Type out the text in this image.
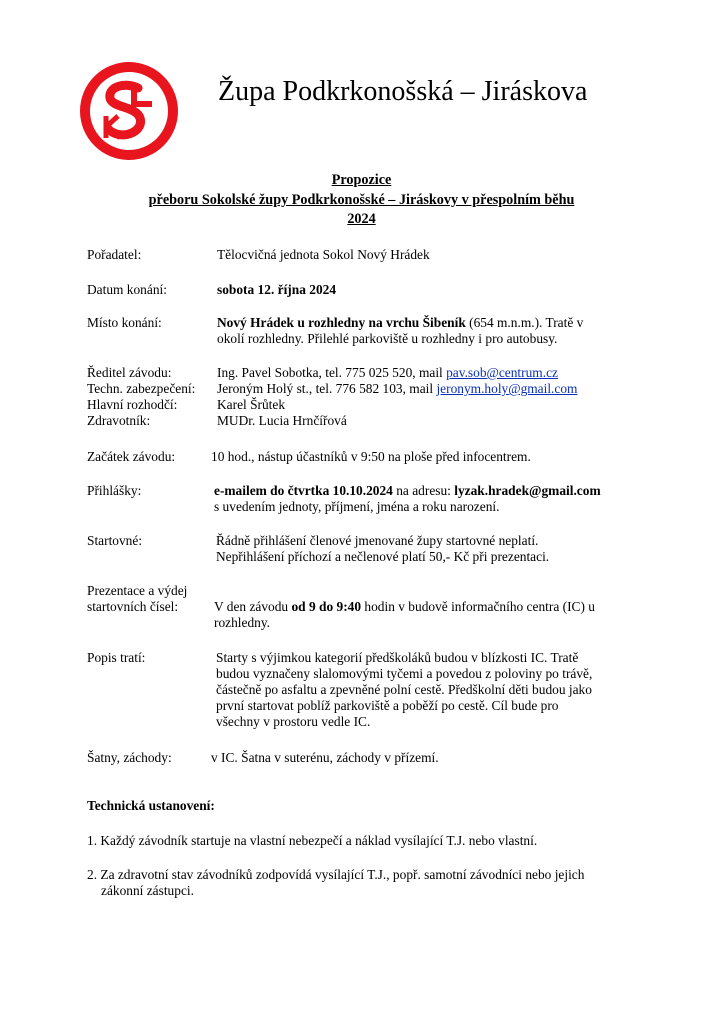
Župa Podkrkonošská – Jiráskova
Propozice
přeboru Sokolské župy Podkrkonošské – Jiráskovy v přespolním běhu
2024
Pořadatel:	Tělocvičná jednota Sokol Nový Hrádek
Datum konání:	sobota 12. října 2024
Místo konání:	Nový Hrádek u rozhledny na vrchu Šibeník (654 m.n.m.). Tratě v
okolí rozhledny. Přilehlé parkoviště u rozhledny i pro autobusy.
Ředitel závodu:	Ing. Pavel Sobotka, tel. 775 025 520, mail pav.sob@centrum.cz
Techn. zabezpečení: Jeroným Holý st., tel. 776 582 103, mail jeronym.holy@gmail.com
Hlavní rozhodčí:	Karel Šrůtek
Zdravotník:	MUDr. Lucia Hrnčířová
Začátek závodu:	10 hod., nástup účastníků v 9:50 na ploše před infocentrem.
Přihlášky:	e-mailem do čtvrtka 10.10.2024 na adresu: lyzak.hradek@gmail.com
s uvedením jednoty, příjmení, jména a roku narození.
Startovné:	Řádně přihlášení členové jmenované župy startovné neplatí.
Nepřihlášení příchozí a nečlenové platí 50,- Kč při prezentaci.
Prezentace a výdej
startovních čísel:	V den závodu od 9 do 9:40 hodin v budově informačního centra (IC) u
rozhledny.
Popis tratí:	Starty s výjimkou kategorií předškoláků budou v blízkosti IC. Tratě
budou vyznačeny slalomovými tyčemi a povedou z poloviny po trávě,
částečně po asfaltu a zpevněné polní cestě. Předškolní děti budou jako
první startovat poblíž parkoviště a poběží po cestě. Cíl bude pro
všechny v prostoru vedle IC.
Šatny, záchody:	v IC. Šatna v suterénu, záchody v přízemí.
Technická ustanovení:
1. Každý závodník startuje na vlastní nebezpečí a náklad vysílající T.J. nebo vlastní.
2. Za zdravotní stav závodníků zodpovídá vysílající T.J., popř. samotní závodníci nebo jejich
zákonní zástupci.
